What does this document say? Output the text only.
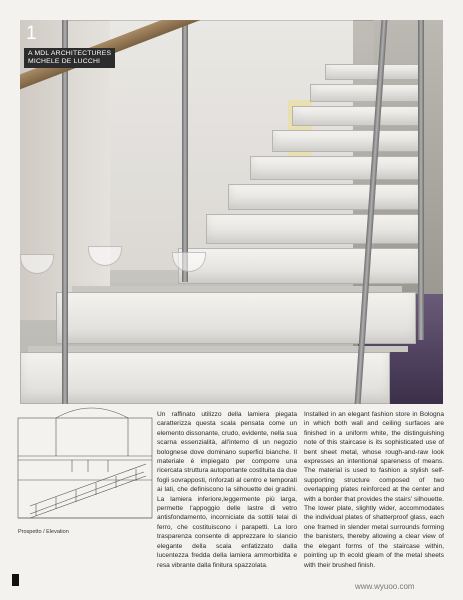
1
A MDL ARCHITECTURES
MICHELE DE LUCCHI
Prospetto / Elevation
Un raffinato utilizzo della lamiera piegata caratterizza questa scala pensata come un elemento dissonante, crudo, evidente, nella sua scarna essenzialità, all'interno di un negozio bolognese dove dominano superfici bianche. Il materiale è impiegato per comporre una ricercata struttura autoportante costituita da due fogli sovrapposti, rinforzati al centro e temporati ai lati, che definiscono la silhouette dei gradini. La lamiera inferiore,leggermente più larga, permette l'appoggio delle lastre di vetro antisfondamento, incorniciate da sottili telai di ferro, che costituiscono i parapetti. La loro trasparenza consente di apprezzare lo slancio elegante della scala enfatizzato dalla lucentezza fredda della lamiera ammorbidita e resa vibrante dalla finitura spazzolata.
Installed in an elegant fashion store in Bologna in which both wall and ceiling surfaces are finished in a uniform white, the distinguishing note of this staircase is its sophisticated use of bent sheet metal, whose rough-and-raw look expresses an intentional spareness of means. The material is used to fashion a stylish self-supporting structure composed of two overlapping plates reinforced at the center and with a border that provides the stairs' silhouette. The lower plate, slightly wider, accommodates the individual plates of shatterproof glass, each one framed in slender metal surrounds forming the banisters, thereby allowing a clear view of the elegant forms of the staircase within, pointing up th ecold gleam of the metal sheets with their brushed finish.
www.wyuoo.com
